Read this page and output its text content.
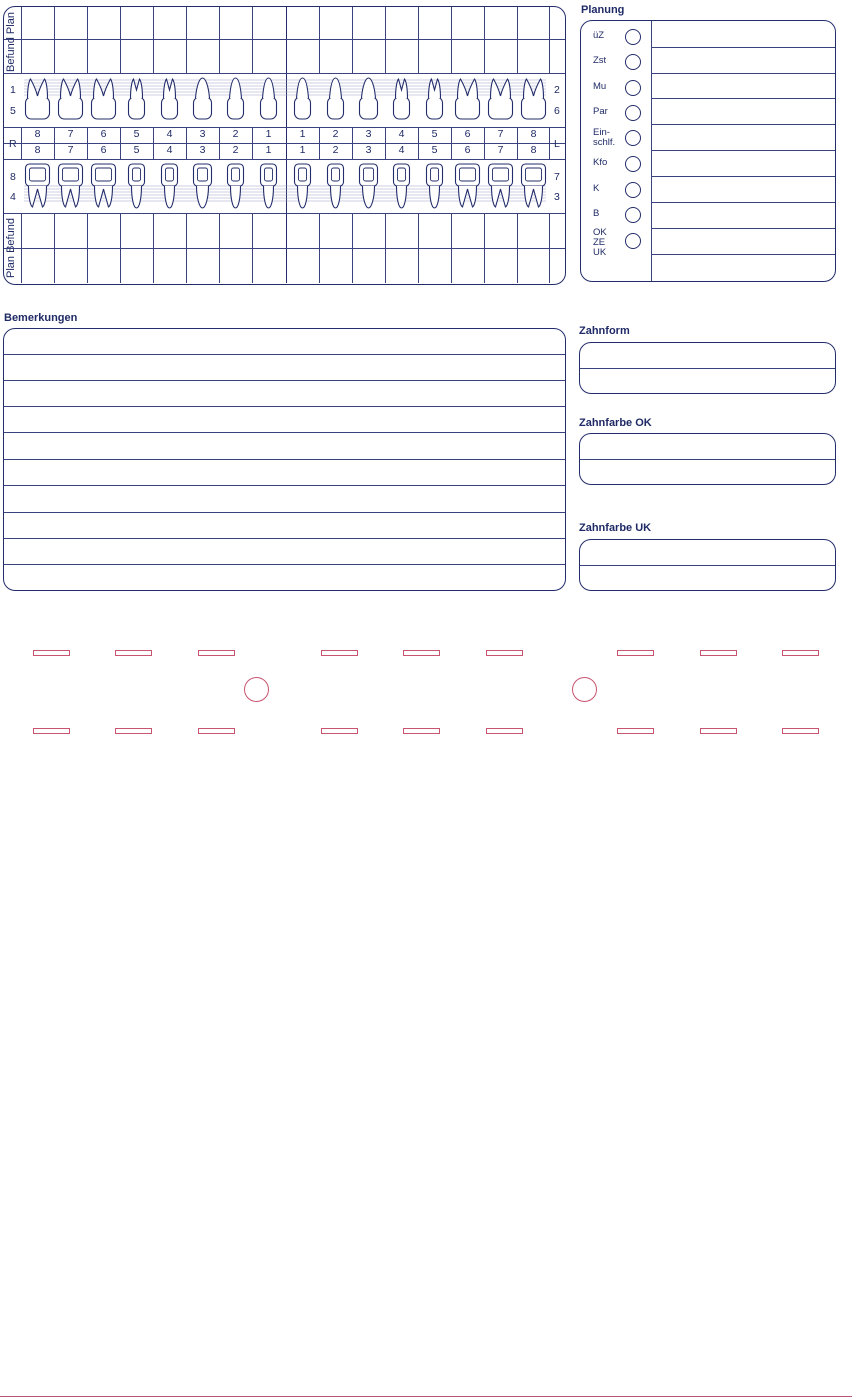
Befund Plan
Plan Befund
8	7	6	5	4	3	2	1	1	2	3	4	5	6	7	8
8	7	6	5	4	3	2	1	1	2	3	4	5	6	7	8
1
5
2
6
R	L
8
4
7
3
Planung
üZ
Zst
Mu
Par
Ein-
schlf.
Kfo
K
B
OK
ZE
UK
Bemerkungen
Zahnform
Zahnfarbe OK
Zahnfarbe UK
